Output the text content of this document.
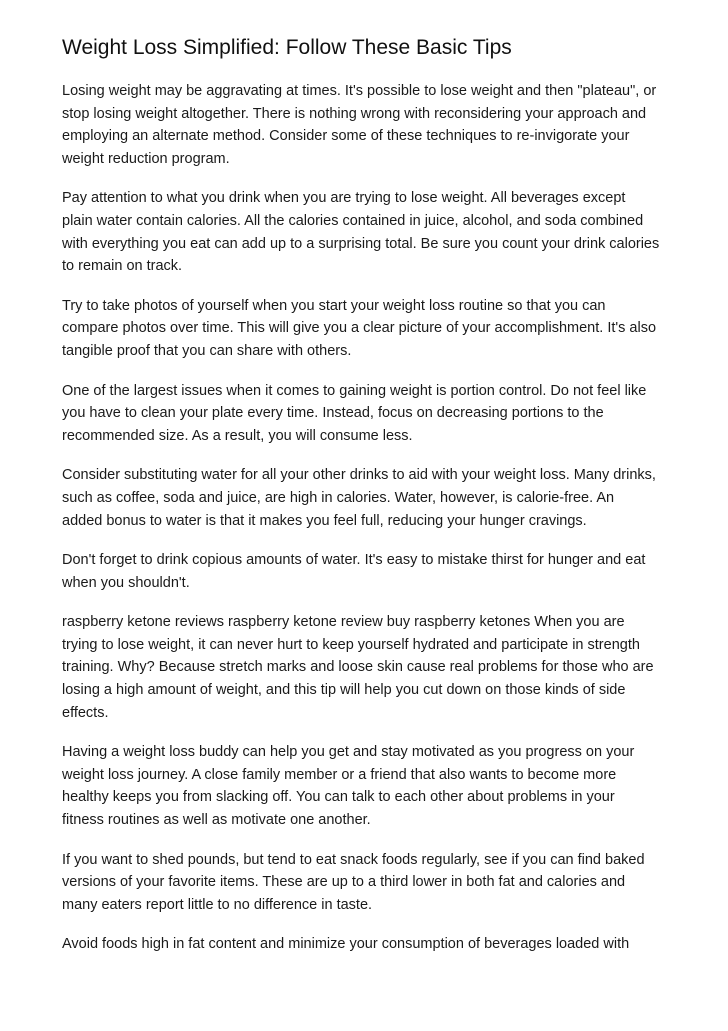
Weight Loss Simplified: Follow These Basic Tips

Losing weight may be aggravating at times. It's possible to lose weight and then "plateau", or
stop losing weight altogether. There is nothing wrong with reconsidering your approach and
employing an alternate method. Consider some of these techniques to re-invigorate your
weight reduction program.

Pay attention to what you drink when you are trying to lose weight. All beverages except
plain water contain calories. All the calories contained in juice, alcohol, and soda combined
with everything you eat can add up to a surprising total. Be sure you count your drink calories
to remain on track.

Try to take photos of yourself when you start your weight loss routine so that you can
compare photos over time. This will give you a clear picture of your accomplishment. It's also
tangible proof that you can share with others.

One of the largest issues when it comes to gaining weight is portion control. Do not feel like
you have to clean your plate every time. Instead, focus on decreasing portions to the
recommended size. As a result, you will consume less.

Consider substituting water for all your other drinks to aid with your weight loss. Many drinks,
such as coffee, soda and juice, are high in calories. Water, however, is calorie-free. An
added bonus to water is that it makes you feel full, reducing your hunger cravings.

Don't forget to drink copious amounts of water. It's easy to mistake thirst for hunger and eat
when you shouldn't.

raspberry ketone reviews raspberry ketone review buy raspberry ketones When you are
trying to lose weight, it can never hurt to keep yourself hydrated and participate in strength
training. Why? Because stretch marks and loose skin cause real problems for those who are
losing a high amount of weight, and this tip will help you cut down on those kinds of side
effects.

Having a weight loss buddy can help you get and stay motivated as you progress on your
weight loss journey. A close family member or a friend that also wants to become more
healthy keeps you from slacking off. You can talk to each other about problems in your
fitness routines as well as motivate one another.

If you want to shed pounds, but tend to eat snack foods regularly, see if you can find baked
versions of your favorite items. These are up to a third lower in both fat and calories and
many eaters report little to no difference in taste.

Avoid foods high in fat content and minimize your consumption of beverages loaded with
